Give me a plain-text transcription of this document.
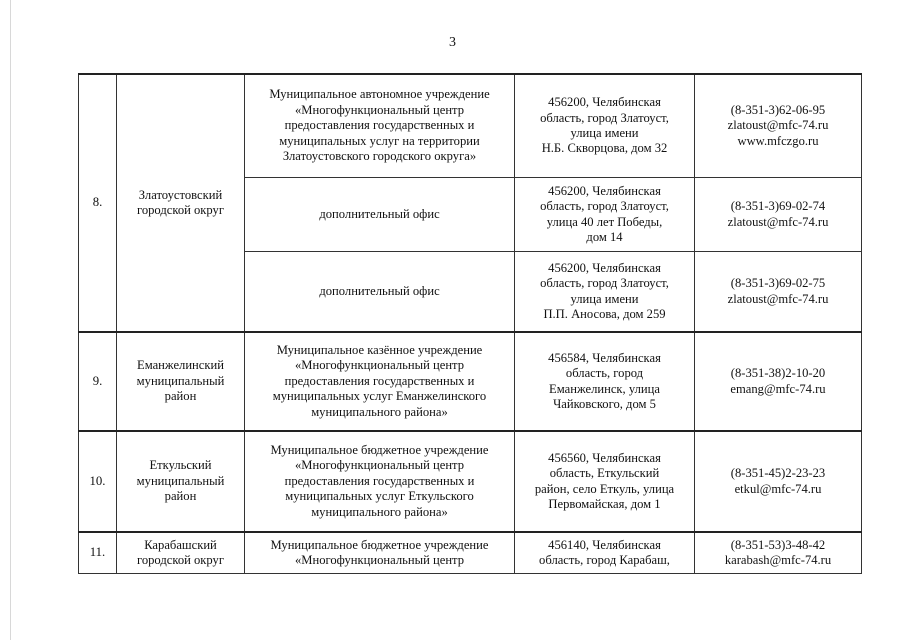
3
8.	Златоустовский
городской округ	Муниципальное автономное учреждение
«Многофункциональный центр
предоставления государственных и
муниципальных услуг на территории
Златоустовского городского округа»	456200, Челябинская
область, город Златоуст,
улица имени
Н.Б. Скворцова, дом 32	(8-351-3)62-06-95
zlatoust@mfc-74.ru
www.mfczgo.ru

		дополнительный офис	456200, Челябинская
область, город Златоуст,
улица 40 лет Победы,
дом 14	(8-351-3)69-02-74
zlatoust@mfc-74.ru

		дополнительный офис	456200, Челябинская
область, город Златоуст,
улица имени
П.П. Аносова, дом 259	(8-351-3)69-02-75
zlatoust@mfc-74.ru

9.	Еманжелинский
муниципальный
район	Муниципальное казённое учреждение
«Многофункциональный центр
предоставления государственных и
муниципальных услуг Еманжелинского
муниципального района»	456584, Челябинская
область, город
Еманжелинск, улица
Чайковского, дом 5	(8-351-38)2-10-20
emang@mfc-74.ru

10.	Еткульский
муниципальный
район	Муниципальное бюджетное учреждение
«Многофункциональный центр
предоставления государственных и
муниципальных услуг Еткульского
муниципального района»	456560, Челябинская
область, Еткульский
район, село Еткуль, улица
Первомайская, дом 1	(8-351-45)2-23-23
etkul@mfc-74.ru

11.	Карабашский
городской округ	Муниципальное бюджетное учреждение
«Многофункциональный центр	456140, Челябинская
область, город Карабаш,	(8-351-53)3-48-42
karabash@mfc-74.ru
